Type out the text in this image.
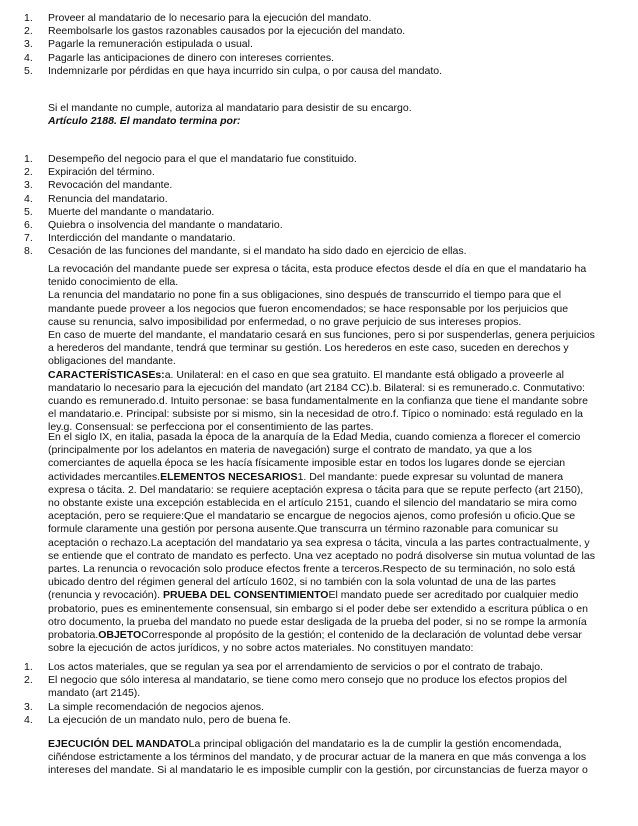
1. Proveer al mandatario de lo necesario para la ejecución del mandato.
2. Reembolsarle los gastos razonables causados por la ejecución del mandato.
3. Pagarle la remuneración estipulada o usual.
4. Pagarle las anticipaciones de dinero con intereses corrientes.
5. Indemnizarle por pérdidas en que haya incurrido sin culpa, o por causa del mandato.

Si el mandante no cumple, autoriza al mandatario para desistir de su encargo.

Artículo 2188. El mandato termina por:

1. Desempeño del negocio para el que el mandatario fue constituido.
2. Expiración del término.
3. Revocación del mandante.
4. Renuncia del mandatario.
5. Muerte del mandante o mandatario.
6. Quiebra o insolvencia del mandante o mandatario.
7. Interdicción del mandante o mandatario.
8. Cesación de las funciones del mandante, si el mandato ha sido dado en ejercicio de ellas.

La revocación del mandante puede ser expresa o tácita, esta produce efectos desde el día en que el mandatario ha tenido conocimiento de ella.

La renuncia del mandatario no pone fin a sus obligaciones, sino después de transcurrido el tiempo para que el mandante puede proveer a los negocios que fueron encomendados; se hace responsable por los perjuicios que cause su renuncia, salvo imposibilidad por enfermedad, o no grave perjuicio de sus intereses propios.

En caso de muerte del mandante, el mandatario cesará en sus funciones, pero si por suspenderlas, genera perjuicios a herederos del mandante, tendrá que terminar su gestión. Los herederos en este caso, suceden en derechos y obligaciones del mandante.

CARACTERÍSTICASEs:a. Unilateral: en el caso en que sea gratuito. El mandante está obligado a proveerle al mandatario lo necesario para la ejecución del mandato (art 2184 CC).b. Bilateral: si es remunerado.c. Conmutativo: cuando es remunerado.d. Intuito personae: se basa fundamentalmente en la confianza que tiene el mandante sobre el mandatario.e. Principal: subsiste por si mismo, sin la necesidad de otro.f. Típico o nominado: está regulado en la ley.g. Consensual: se perfecciona por el consentimiento de las partes.

En el siglo IX, en italia, pasada la época de la anarquía de la Edad Media, cuando comienza a florecer el comercio (principalmente por los adelantos en materia de navegación) surge el contrato de mandato, ya que a los comerciantes de aquella época se les hacía físicamente imposible estar en todos los lugares donde se ejercian actividades mercantiles.ELEMENTOS NECESARIOS1. Del mandante: puede expresar su voluntad de manera expresa o tácita. 2. Del mandatario: se requiere aceptación expresa o tácita para que se repute perfecto (art 2150), no obstante existe una excepción establecida en el artículo 2151, cuando el silencio del mandatario se mira como aceptación, pero se requiere:Que el mandatario se encargue de negocios ajenos, como profesión u oficio.Que se formule claramente una gestión por persona ausente.Que transcurra un término razonable para comunicar su aceptación o rechazo.La aceptación del mandatario ya sea expresa o tácita, vincula a las partes contractualmente, y se entiende que el contrato de mandato es perfecto. Una vez aceptado no podrá disolverse sin mutua voluntad de las partes. La renuncia o revocación solo produce efectos frente a terceros.Respecto de su terminación, no solo está ubicado dentro del régimen general del artículo 1602, si no también con la sola voluntad de una de las partes (renuncia y revocación). PRUEBA DEL CONSENTIMIENTOEl mandato puede ser acreditado por cualquier medio probatorio, pues es eminentemente consensual, sin embargo si el poder debe ser extendido a escritura pública o en otro documento, la prueba del mandato no puede estar desligada de la prueba del poder, si no se rompe la armonía probatoria.OBJETOCorresponde al propósito de la gestión; el contenido de la declaración de voluntad debe versar sobre la ejecución de actos jurídicos, y no sobre actos materiales. No constituyen mandato:

1. Los actos materiales, que se regulan ya sea por el arrendamiento de servicios o por el contrato de trabajo.
2. El negocio que sólo interesa al mandatario, se tiene como mero consejo que no produce los efectos propios del mandato (art 2145).
3. La simple recomendación de negocios ajenos.
4. La ejecución de un mandato nulo, pero de buena fe.

EJECUCIÓN DEL MANDATOLa principal obligación del mandatario es la de cumplir la gestión encomendada, ciñéndose estrictamente a los términos del mandato, y de procurar actuar de la manera en que más convenga a los intereses del mandate. Si al mandatario le es imposible cumplir con la gestión, por circunstancias de fuerza mayor o
